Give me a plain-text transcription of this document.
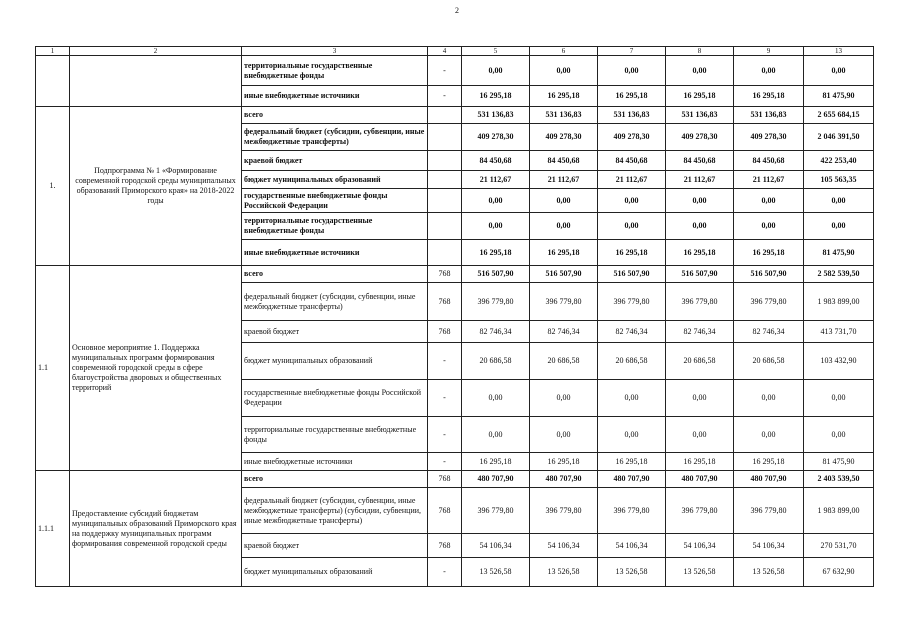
2
1	2	3	4	5	6	7	8	9	13
		территориальные государственные внебюджетные фонды	-	0,00	0,00	0,00	0,00	0,00	0,00
		иные внебюджетные источники	-	16 295,18	16 295,18	16 295,18	16 295,18	16 295,18	81 475,90
1.	Подпрограмма № 1 «Формирование современной городской среды муниципальных образований Приморского края» на 2018-2022 годы	всего		531 136,83	531 136,83	531 136,83	531 136,83	531 136,83	2 655 684,15
		федеральный бюджет (субсидии, субвенции, иные межбюджетные трансферты)		409 278,30	409 278,30	409 278,30	409 278,30	409 278,30	2 046 391,50
		краевой бюджет		84 450,68	84 450,68	84 450,68	84 450,68	84 450,68	422 253,40
		бюджет муниципальных образований		21 112,67	21 112,67	21 112,67	21 112,67	21 112,67	105 563,35
		государственные внебюджетные фонды Российской Федерации		0,00	0,00	0,00	0,00	0,00	0,00
		территориальные государственные внебюджетные фонды		0,00	0,00	0,00	0,00	0,00	0,00
		иные внебюджетные источники		16 295,18	16 295,18	16 295,18	16 295,18	16 295,18	81 475,90
1.1	Основное мероприятие 1. Поддержка муниципальных программ формирования современной городской среды в сфере благоустройства дворовых и общественных территорий	всего	768	516 507,90	516 507,90	516 507,90	516 507,90	516 507,90	2 582 539,50
		федеральный бюджет (субсидии, субвенции, иные межбюджетные трансферты)	768	396 779,80	396 779,80	396 779,80	396 779,80	396 779,80	1 983 899,00
		краевой бюджет	768	82 746,34	82 746,34	82 746,34	82 746,34	82 746,34	413 731,70
		бюджет муниципальных образований	-	20 686,58	20 686,58	20 686,58	20 686,58	20 686,58	103 432,90
		государственные внебюджетные фонды Российской Федерации	-	0,00	0,00	0,00	0,00	0,00	0,00
		территориальные государственные внебюджетные фонды	-	0,00	0,00	0,00	0,00	0,00	0,00
		иные внебюджетные источники	-	16 295,18	16 295,18	16 295,18	16 295,18	16 295,18	81 475,90
1.1.1	Предоставление субсидий бюджетам муниципальных образований Приморского края на поддержку муниципальных программ формирования современной городской среды	всего	768	480 707,90	480 707,90	480 707,90	480 707,90	480 707,90	2 403 539,50
		федеральный бюджет (субсидии, субвенции, иные межбюджетные трансферты) (субсидии, субвенции, иные межбюджетные трансферты)	768	396 779,80	396 779,80	396 779,80	396 779,80	396 779,80	1 983 899,00
		краевой бюджет	768	54 106,34	54 106,34	54 106,34	54 106,34	54 106,34	270 531,70
		бюджет муниципальных образований	-	13 526,58	13 526,58	13 526,58	13 526,58	13 526,58	67 632,90
